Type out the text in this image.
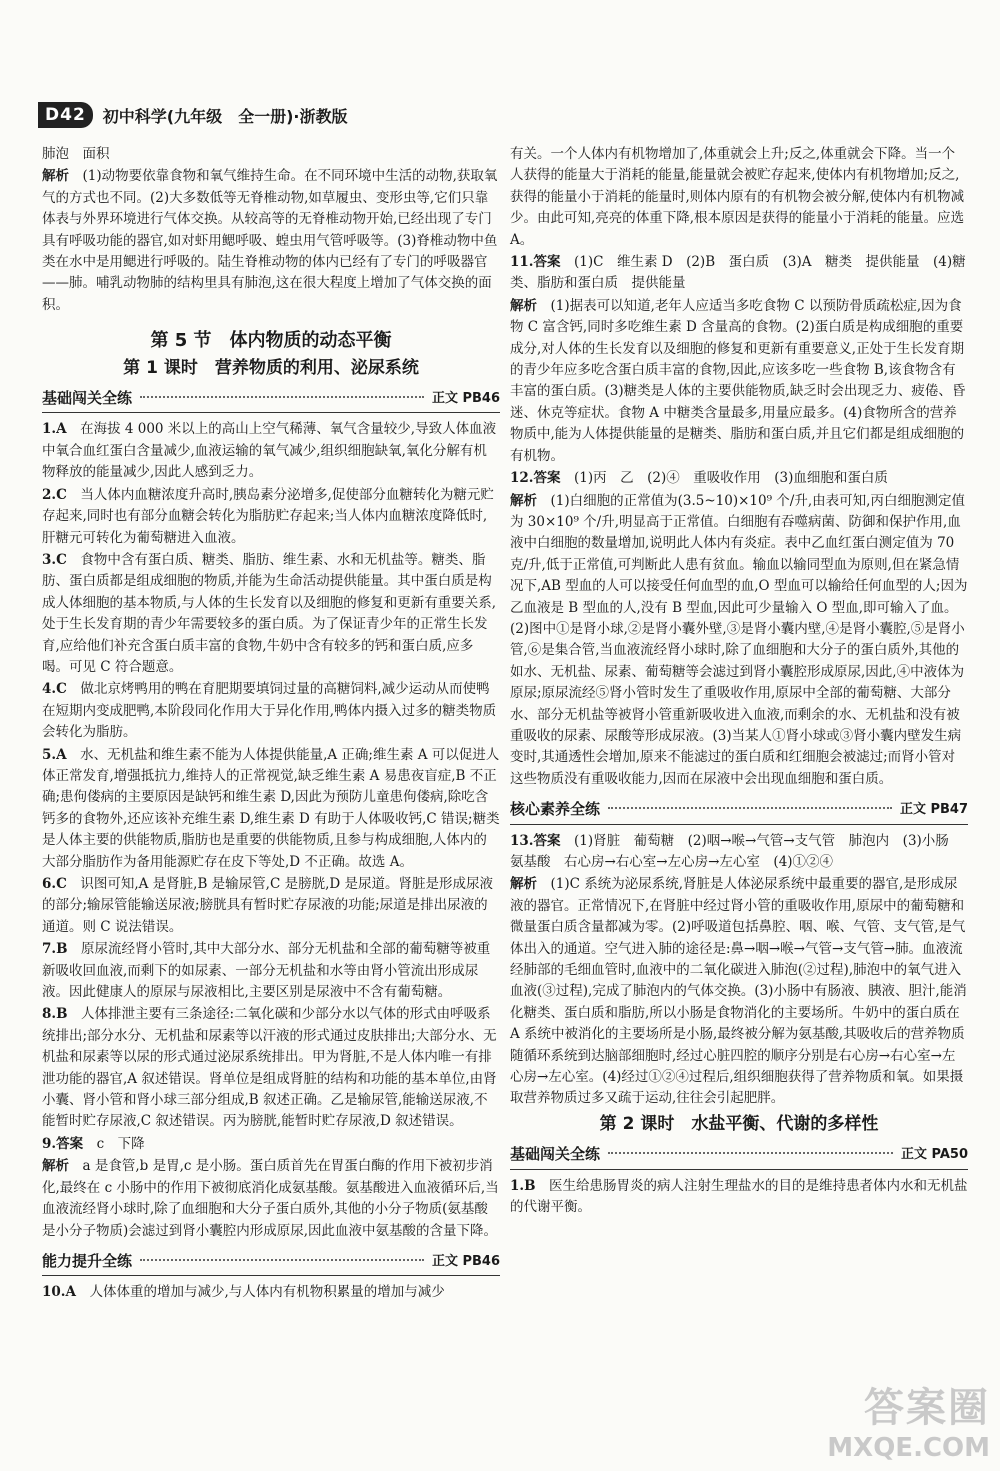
D42	初中科学(九年级　全一册)·浙教版

肺泡　面积

解析　(1)动物要依靠食物和氧气维持生命。在不同环境中生活的动物,获取氧气的方式也不同。(2)大多数低等无脊椎动物,如草履虫、变形虫等,它们只靠体表与外界环境进行气体交换。从较高等的无脊椎动物开始,已经出现了专门具有呼吸功能的器官,如对虾用鳃呼吸、蝗虫用气管呼吸等。(3)脊椎动物中鱼类在水中是用鳃进行呼吸的。陆生脊椎动物的体内已经有了专门的呼吸器官——肺。哺乳动物肺的结构里具有肺泡,这在很大程度上增加了气体交换的面积。

第 5 节　体内物质的动态平衡
第 1 课时　营养物质的利用、泌尿系统
基础闯关全练	正文 PB46

1.A　在海拔 4 000 米以上的高山上空气稀薄、氧气含量较少,导致人体血液中氧合血红蛋白含量减少,血液运输的氧气减少,组织细胞缺氧,氧化分解有机物释放的能量减少,因此人感到乏力。

2.C　当人体内血糖浓度升高时,胰岛素分泌增多,促使部分血糖转化为糖元贮存起来,同时也有部分血糖会转化为脂肪贮存起来;当人体内血糖浓度降低时,肝糖元可转化为葡萄糖进入血液。

3.C　食物中含有蛋白质、糖类、脂肪、维生素、水和无机盐等。糖类、脂肪、蛋白质都是组成细胞的物质,并能为生命活动提供能量。其中蛋白质是构成人体细胞的基本物质,与人体的生长发育以及细胞的修复和更新有重要关系,处于生长发育期的青少年需要较多的蛋白质。为了保证青少年的正常生长发育,应给他们补充含蛋白质丰富的食物,牛奶中含有较多的钙和蛋白质,应多喝。可见 C 符合题意。

4.C　做北京烤鸭用的鸭在育肥期要填饲过量的高糖饲料,减少运动从而使鸭在短期内变成肥鸭,本阶段同化作用大于异化作用,鸭体内摄入过多的糖类物质会转化为脂肪。

5.A　水、无机盐和维生素不能为人体提供能量,A 正确;维生素 A 可以促进人体正常发育,增强抵抗力,维持人的正常视觉,缺乏维生素 A 易患夜盲症,B 不正确;患佝偻病的主要原因是缺钙和维生素 D,因此为预防儿童患佝偻病,除吃含钙多的食物外,还应该补充维生素 D,维生素 D 有助于人体吸收钙,C 错误;糖类是人体主要的供能物质,脂肪也是重要的供能物质,且参与构成细胞,人体内的大部分脂肪作为备用能源贮存在皮下等处,D 不正确。故选 A。

6.C　识图可知,A 是肾脏,B 是输尿管,C 是膀胱,D 是尿道。肾脏是形成尿液的部分;输尿管能输送尿液;膀胱具有暂时贮存尿液的功能;尿道是排出尿液的通道。则 C 说法错误。

7.B　原尿流经肾小管时,其中大部分水、部分无机盐和全部的葡萄糖等被重新吸收回血液,而剩下的如尿素、一部分无机盐和水等由肾小管流出形成尿液。因此健康人的原尿与尿液相比,主要区别是尿液中不含有葡萄糖。

8.B　人体排泄主要有三条途径:二氧化碳和少部分水以气体的形式由呼吸系统排出;部分水分、无机盐和尿素等以汗液的形式通过皮肤排出;大部分水、无机盐和尿素等以尿的形式通过泌尿系统排出。甲为肾脏,不是人体内唯一有排泄功能的器官,A 叙述错误。肾单位是组成肾脏的结构和功能的基本单位,由肾小囊、肾小管和肾小球三部分组成,B 叙述正确。乙是输尿管,能输送尿液,不能暂时贮存尿液,C 叙述错误。丙为膀胱,能暂时贮存尿液,D 叙述错误。

9.答案　c　下降

解析　a 是食管,b 是胃,c 是小肠。蛋白质首先在胃蛋白酶的作用下被初步消化,最终在 c 小肠中的作用下被彻底消化成氨基酸。氨基酸进入血液循环后,当血液流经肾小球时,除了血细胞和大分子蛋白质外,其他的小分子物质(氨基酸是小分子物质)会滤过到肾小囊腔内形成原尿,因此血液中氨基酸的含量下降。

能力提升全练	正文 PB46

10.A　人体体重的增加与减少,与人体内有机物积累量的增加与减少

有关。一个人体内有机物增加了,体重就会上升;反之,体重就会下降。当一个人获得的能量大于消耗的能量,能量就会被贮存起来,使体内有机物增加;反之,获得的能量小于消耗的能量时,则体内原有的有机物会被分解,使体内有机物减少。由此可知,亮亮的体重下降,根本原因是获得的能量小于消耗的能量。应选 A。

11.答案　(1)C　维生素 D　(2)B　蛋白质　(3)A　糖类　提供能量　(4)糖类、脂肪和蛋白质　提供能量

解析　(1)据表可以知道,老年人应适当多吃食物 C 以预防骨质疏松症,因为食物 C 富含钙,同时多吃维生素 D 含量高的食物。(2)蛋白质是构成细胞的重要成分,对人体的生长发育以及细胞的修复和更新有重要意义,正处于生长发育期的青少年应多吃含蛋白质丰富的食物,因此,应该多吃一些食物 B,该食物含有丰富的蛋白质。(3)糖类是人体的主要供能物质,缺乏时会出现乏力、疲倦、昏迷、休克等症状。食物 A 中糖类含量最多,用量应最多。(4)食物所含的营养物质中,能为人体提供能量的是糖类、脂肪和蛋白质,并且它们都是组成细胞的有机物。

12.答案　(1)丙　乙　(2)④　重吸收作用　(3)血细胞和蛋白质

解析　(1)白细胞的正常值为(3.5~10)×10⁹ 个/升,由表可知,丙白细胞测定值为 30×10⁹ 个/升,明显高于正常值。白细胞有吞噬病菌、防御和保护作用,血液中白细胞的数量增加,说明此人体内有炎症。表中乙血红蛋白测定值为 70 克/升,低于正常值,可判断此人患有贫血。输血以输同型血为原则,但在紧急情况下,AB 型血的人可以接受任何血型的血,O 型血可以输给任何血型的人;因为乙血液是 B 型血的人,没有 B 型血,因此可少量输入 O 型血,即可输入了血。(2)图中①是肾小球,②是肾小囊外壁,③是肾小囊内壁,④是肾小囊腔,⑤是肾小管,⑥是集合管,当血液流经肾小球时,除了血细胞和大分子的蛋白质外,其他的如水、无机盐、尿素、葡萄糖等会滤过到肾小囊腔形成原尿,因此,④中液体为原尿;原尿流经⑤肾小管时发生了重吸收作用,原尿中全部的葡萄糖、大部分水、部分无机盐等被肾小管重新吸收进入血液,而剩余的水、无机盐和没有被重吸收的尿素、尿酸等形成尿液。(3)当某人①肾小球或③肾小囊内壁发生病变时,其通透性会增加,原来不能滤过的蛋白质和红细胞会被滤过;而肾小管对这些物质没有重吸收能力,因而在尿液中会出现血细胞和蛋白质。

核心素养全练	正文 PB47

13.答案　(1)肾脏　葡萄糖　(2)咽→喉→气管→支气管　肺泡内　(3)小肠　氨基酸　右心房→右心室→左心房→左心室　(4)①②④

解析　(1)C 系统为泌尿系统,肾脏是人体泌尿系统中最重要的器官,是形成尿液的器官。正常情况下,在肾脏中经过肾小管的重吸收作用,原尿中的葡萄糖和微量蛋白质含量都减为零。(2)呼吸道包括鼻腔、咽、喉、气管、支气管,是气体出入的通道。空气进入肺的途径是:鼻→咽→喉→气管→支气管→肺。血液流经肺部的毛细血管时,血液中的二氧化碳进入肺泡(②过程),肺泡中的氧气进入血液(③过程),完成了肺泡内的气体交换。(3)小肠中有肠液、胰液、胆汁,能消化糖类、蛋白质和脂肪,所以小肠是食物消化的主要场所。牛奶中的蛋白质在 A 系统中被消化的主要场所是小肠,最终被分解为氨基酸,其吸收后的营养物质随循环系统到达脑部细胞时,经过心脏四腔的顺序分别是右心房→右心室→左心房→左心室。(4)经过①②④过程后,组织细胞获得了营养物质和氧。如果摄取营养物质过多又疏于运动,往往会引起肥胖。

第 2 课时　水盐平衡、代谢的多样性
基础闯关全练	正文 PA50

1.B　医生给患肠胃炎的病人注射生理盐水的目的是维持患者体内水和无机盐的代谢平衡。

答案圈
MXQE.COM
